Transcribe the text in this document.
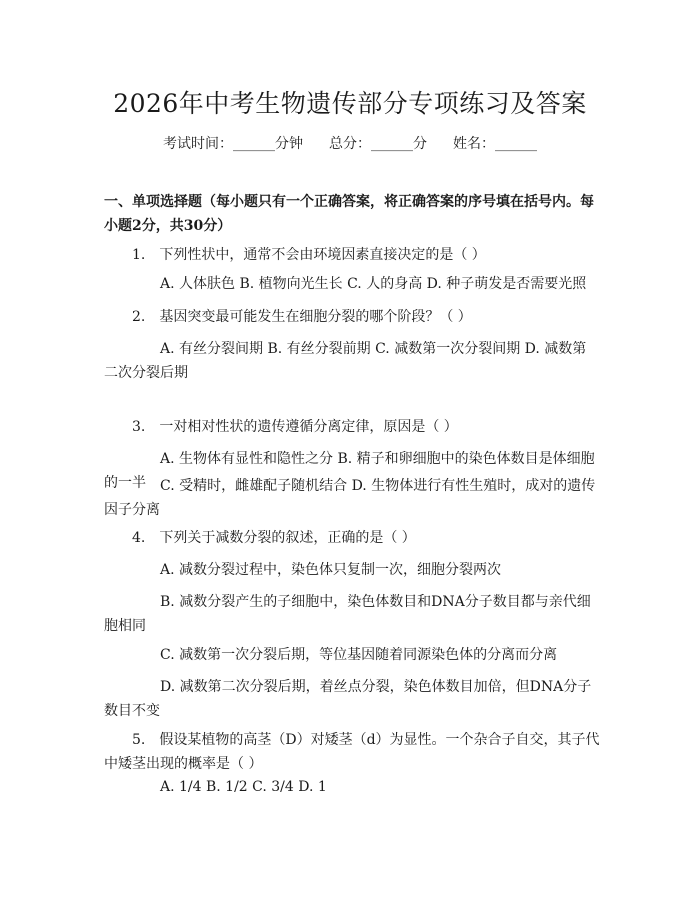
2026年中考生物遗传部分专项练习及答案
考试时间：______分钟 总分：______分 姓名：______
一、单项选择题（每小题只有一个正确答案，将正确答案的序号填在括号内。每小题2分，共30分）
1.　下列性状中，通常不会由环境因素直接决定的是（ ）
A. 人体肤色 B. 植物向光生长 C. 人的身高 D. 种子萌发是否需要光照
2.　基因突变最可能发生在细胞分裂的哪个阶段？（ ）
A. 有丝分裂间期 B. 有丝分裂前期 C. 减数第一次分裂间期 D. 减数第二次分裂后期
3.　一对相对性状的遗传遵循分离定律，原因是（ ）
A. 生物体有显性和隐性之分 B. 精子和卵细胞中的染色体数目是体细胞的一半	C. 受精时，雌雄配子随机结合 D. 生物体进行有性生殖时，成对的遗传因子分离
4.　下列关于减数分裂的叙述，正确的是（ ）
A. 减数分裂过程中，染色体只复制一次，细胞分裂两次
B. 减数分裂产生的子细胞中，染色体数目和DNA分子数目都与亲代细胞相同
C. 减数第一次分裂后期，等位基因随着同源染色体的分离而分离
D. 减数第二次分裂后期，着丝点分裂，染色体数目加倍，但DNA分子数目不变
5.　假设某植物的高茎（D）对矮茎（d）为显性。一个杂合子自交，其子代中矮茎出现的概率是（ ）
A. 1/4 B. 1/2 C. 3/4 D. 1
